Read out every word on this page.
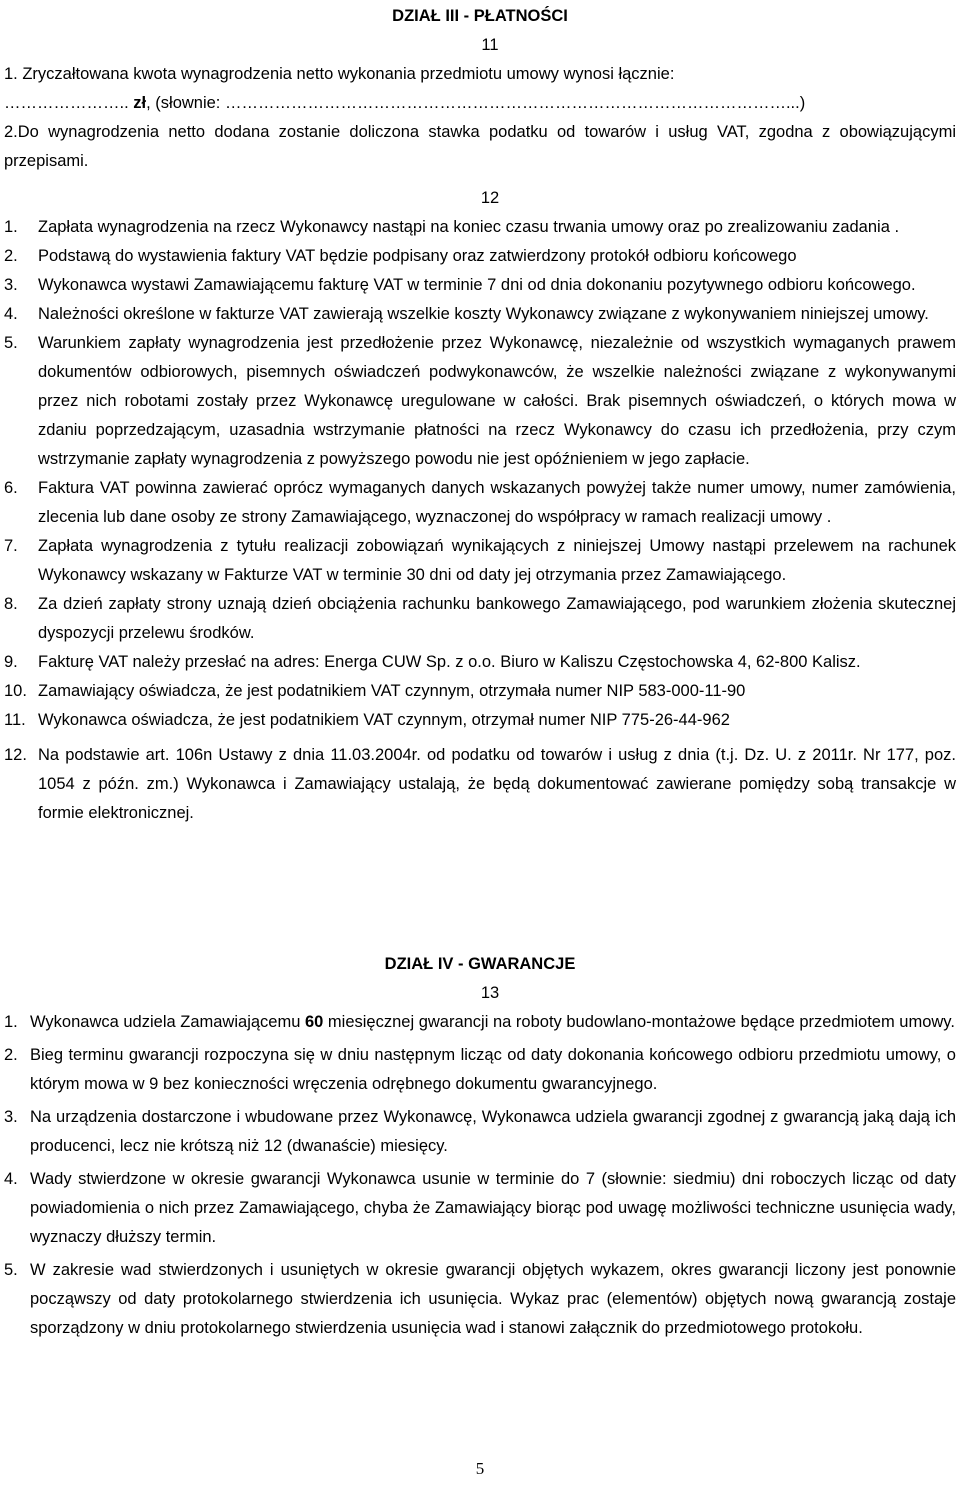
DZIAŁ III - PŁATNOŚCI

11

1. Zryczałtowana kwota wynagrodzenia netto wykonania przedmiotu umowy wynosi łącznie:

………………….. zł, (słownie: …………………………………………………………………………………………...)

2.Do wynagrodzenia netto dodana zostanie doliczona stawka podatku od towarów i usług VAT, zgodna z obowiązującymi przepisami.

12

1.	Zapłata wynagrodzenia na rzecz Wykonawcy nastąpi na koniec czasu trwania umowy oraz po zrealizowaniu zadania .
2.	Podstawą do wystawienia faktury VAT będzie podpisany oraz zatwierdzony protokół odbioru końcowego
3.	Wykonawca wystawi Zamawiającemu fakturę VAT w terminie 7 dni od dnia dokonaniu pozytywnego odbioru końcowego.
4.	Należności określone w fakturze VAT zawierają wszelkie koszty Wykonawcy związane z wykonywaniem niniejszej umowy.
5.	Warunkiem zapłaty wynagrodzenia jest przedłożenie przez Wykonawcę, niezależnie od wszystkich wymaganych prawem dokumentów odbiorowych, pisemnych oświadczeń podwykonawców, że wszelkie należności związane z wykonywanymi przez nich robotami zostały przez Wykonawcę uregulowane w całości. Brak pisemnych oświadczeń, o których mowa w zdaniu poprzedzającym, uzasadnia wstrzymanie płatności na rzecz Wykonawcy do czasu ich przedłożenia, przy czym wstrzymanie zapłaty wynagrodzenia z powyższego powodu nie jest opóźnieniem w jego zapłacie.
6.	Faktura VAT powinna zawierać oprócz wymaganych danych wskazanych powyżej także numer umowy, numer zamówienia, zlecenia lub dane osoby ze strony Zamawiającego, wyznaczonej do współpracy w ramach realizacji umowy .
7.	Zapłata wynagrodzenia z tytułu realizacji zobowiązań wynikających z niniejszej Umowy nastąpi przelewem na rachunek Wykonawcy wskazany w Fakturze VAT w terminie 30 dni od daty jej otrzymania przez Zamawiającego.
8.	Za dzień zapłaty strony uznają dzień obciążenia rachunku bankowego Zamawiającego, pod warunkiem złożenia skutecznej dyspozycji przelewu środków.
9.	Fakturę VAT należy przesłać na adres: Energa CUW Sp. z o.o. Biuro w Kaliszu Częstochowska 4, 62-800 Kalisz.
10. Zamawiający oświadcza, że jest podatnikiem VAT czynnym, otrzymała numer NIP 583-000-11-90
11. Wykonawca oświadcza, że jest podatnikiem VAT czynnym, otrzymał numer NIP 775-26-44-962
12. Na podstawie art. 106n Ustawy z dnia 11.03.2004r. od podatku od towarów i usług z dnia (t.j. Dz. U. z 2011r. Nr 177, poz. 1054 z późn. zm.) Wykonawca i Zamawiający ustalają, że będą dokumentować zawierane pomiędzy sobą transakcje w formie elektronicznej.

DZIAŁ IV - GWARANCJE

13

1. Wykonawca udziela Zamawiającemu 60 miesięcznej gwarancji na roboty budowlano-montażowe będące przedmiotem umowy.
2. Bieg terminu gwarancji rozpoczyna się w dniu następnym licząc od daty dokonania końcowego odbioru przedmiotu umowy, o którym mowa w 9 bez konieczności wręczenia odrębnego dokumentu gwarancyjnego.
3. Na urządzenia dostarczone i wbudowane przez Wykonawcę, Wykonawca udziela gwarancji zgodnej z gwarancją jaką dają ich producenci, lecz nie krótszą niż 12 (dwanaście) miesięcy.
4. Wady stwierdzone w okresie gwarancji Wykonawca usunie w terminie do 7 (słownie: siedmiu) dni roboczych licząc od daty powiadomienia o nich przez Zamawiającego, chyba że Zamawiający biorąc pod uwagę możliwości techniczne usunięcia wady, wyznaczy dłuższy termin.
5. W zakresie wad stwierdzonych i usuniętych w okresie gwarancji objętych wykazem, okres gwarancji liczony jest ponownie począwszy od daty protokolarnego stwierdzenia ich usunięcia. Wykaz prac (elementów) objętych nową gwarancją zostaje sporządzony w dniu protokolarnego stwierdzenia usunięcia wad i stanowi załącznik do przedmiotowego protokołu.
5
